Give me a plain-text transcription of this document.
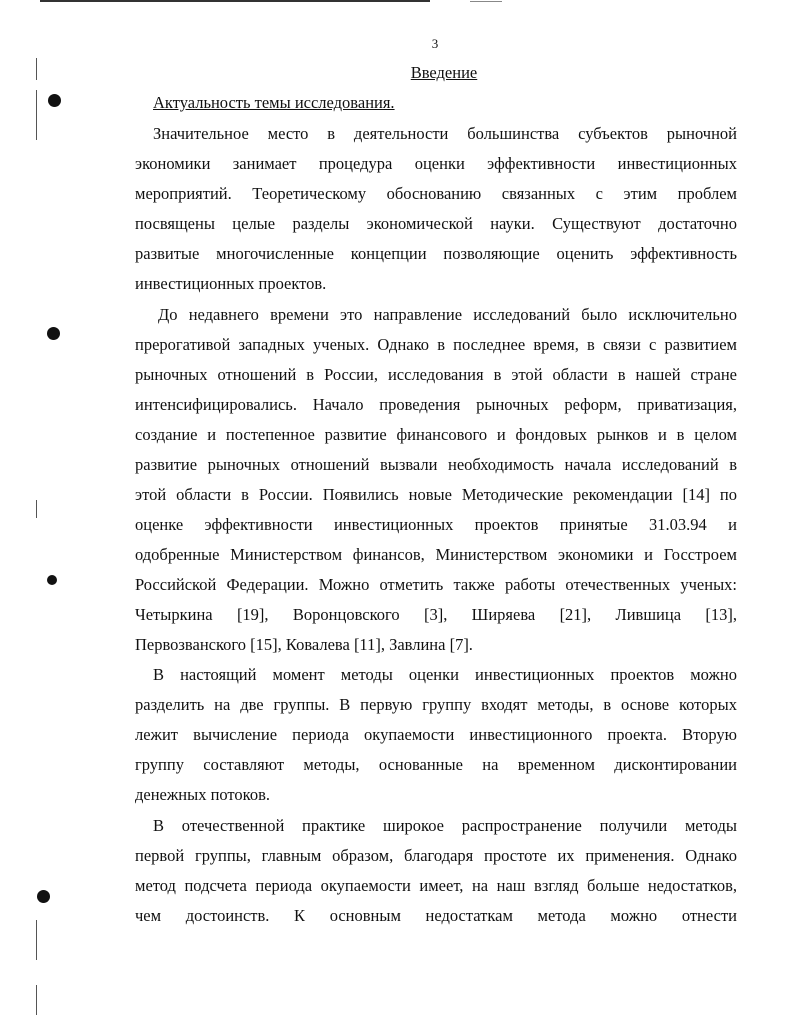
3
Введение
Актуальность темы исследования.
Значительное место в деятельности большинства субъектов рыночной
экономики занимает процедура оценки эффективности инвестиционных
мероприятий. Теоретическому обоснованию связанных с этим проблем
посвящены целые разделы экономической науки. Существуют достаточно
развитые многочисленные концепции позволяющие оценить эффективность
инвестиционных проектов.
До недавнего времени это направление исследований было исключительно
прерогативой западных ученых. Однако в последнее время, в связи с развитием
рыночных отношений в России, исследования в этой области в нашей стране
интенсифицировались. Начало проведения рыночных реформ, приватизация,
создание и постепенное развитие финансового и фондовых рынков и в целом
развитие рыночных отношений вызвали необходимость начала исследований в
этой области в России. Появились новые Методические рекомендации [14] по
оценке эффективности инвестиционных проектов принятые 31.03.94 и
одобренные Министерством финансов, Министерством экономики и Госстроем
Российской Федерации. Можно отметить также работы отечественных ученых:
Четыркина [19], Воронцовского [3], Ширяева [21], Лившица [13],
Первозванского [15], Ковалева [11], Завлина [7].
В настоящий момент методы оценки инвестиционных проектов можно
разделить на две группы. В первую группу входят методы, в основе которых
лежит вычисление периода окупаемости инвестиционного проекта. Вторую
группу составляют методы, основанные на временном дисконтировании
денежных потоков.
В отечественной практике широкое распространение получили методы
первой группы, главным образом, благодаря простоте их применения. Однако
метод подсчета периода окупаемости имеет, на наш взгляд больше недостатков,
чем достоинств. К основным недостаткам метода можно отнести
